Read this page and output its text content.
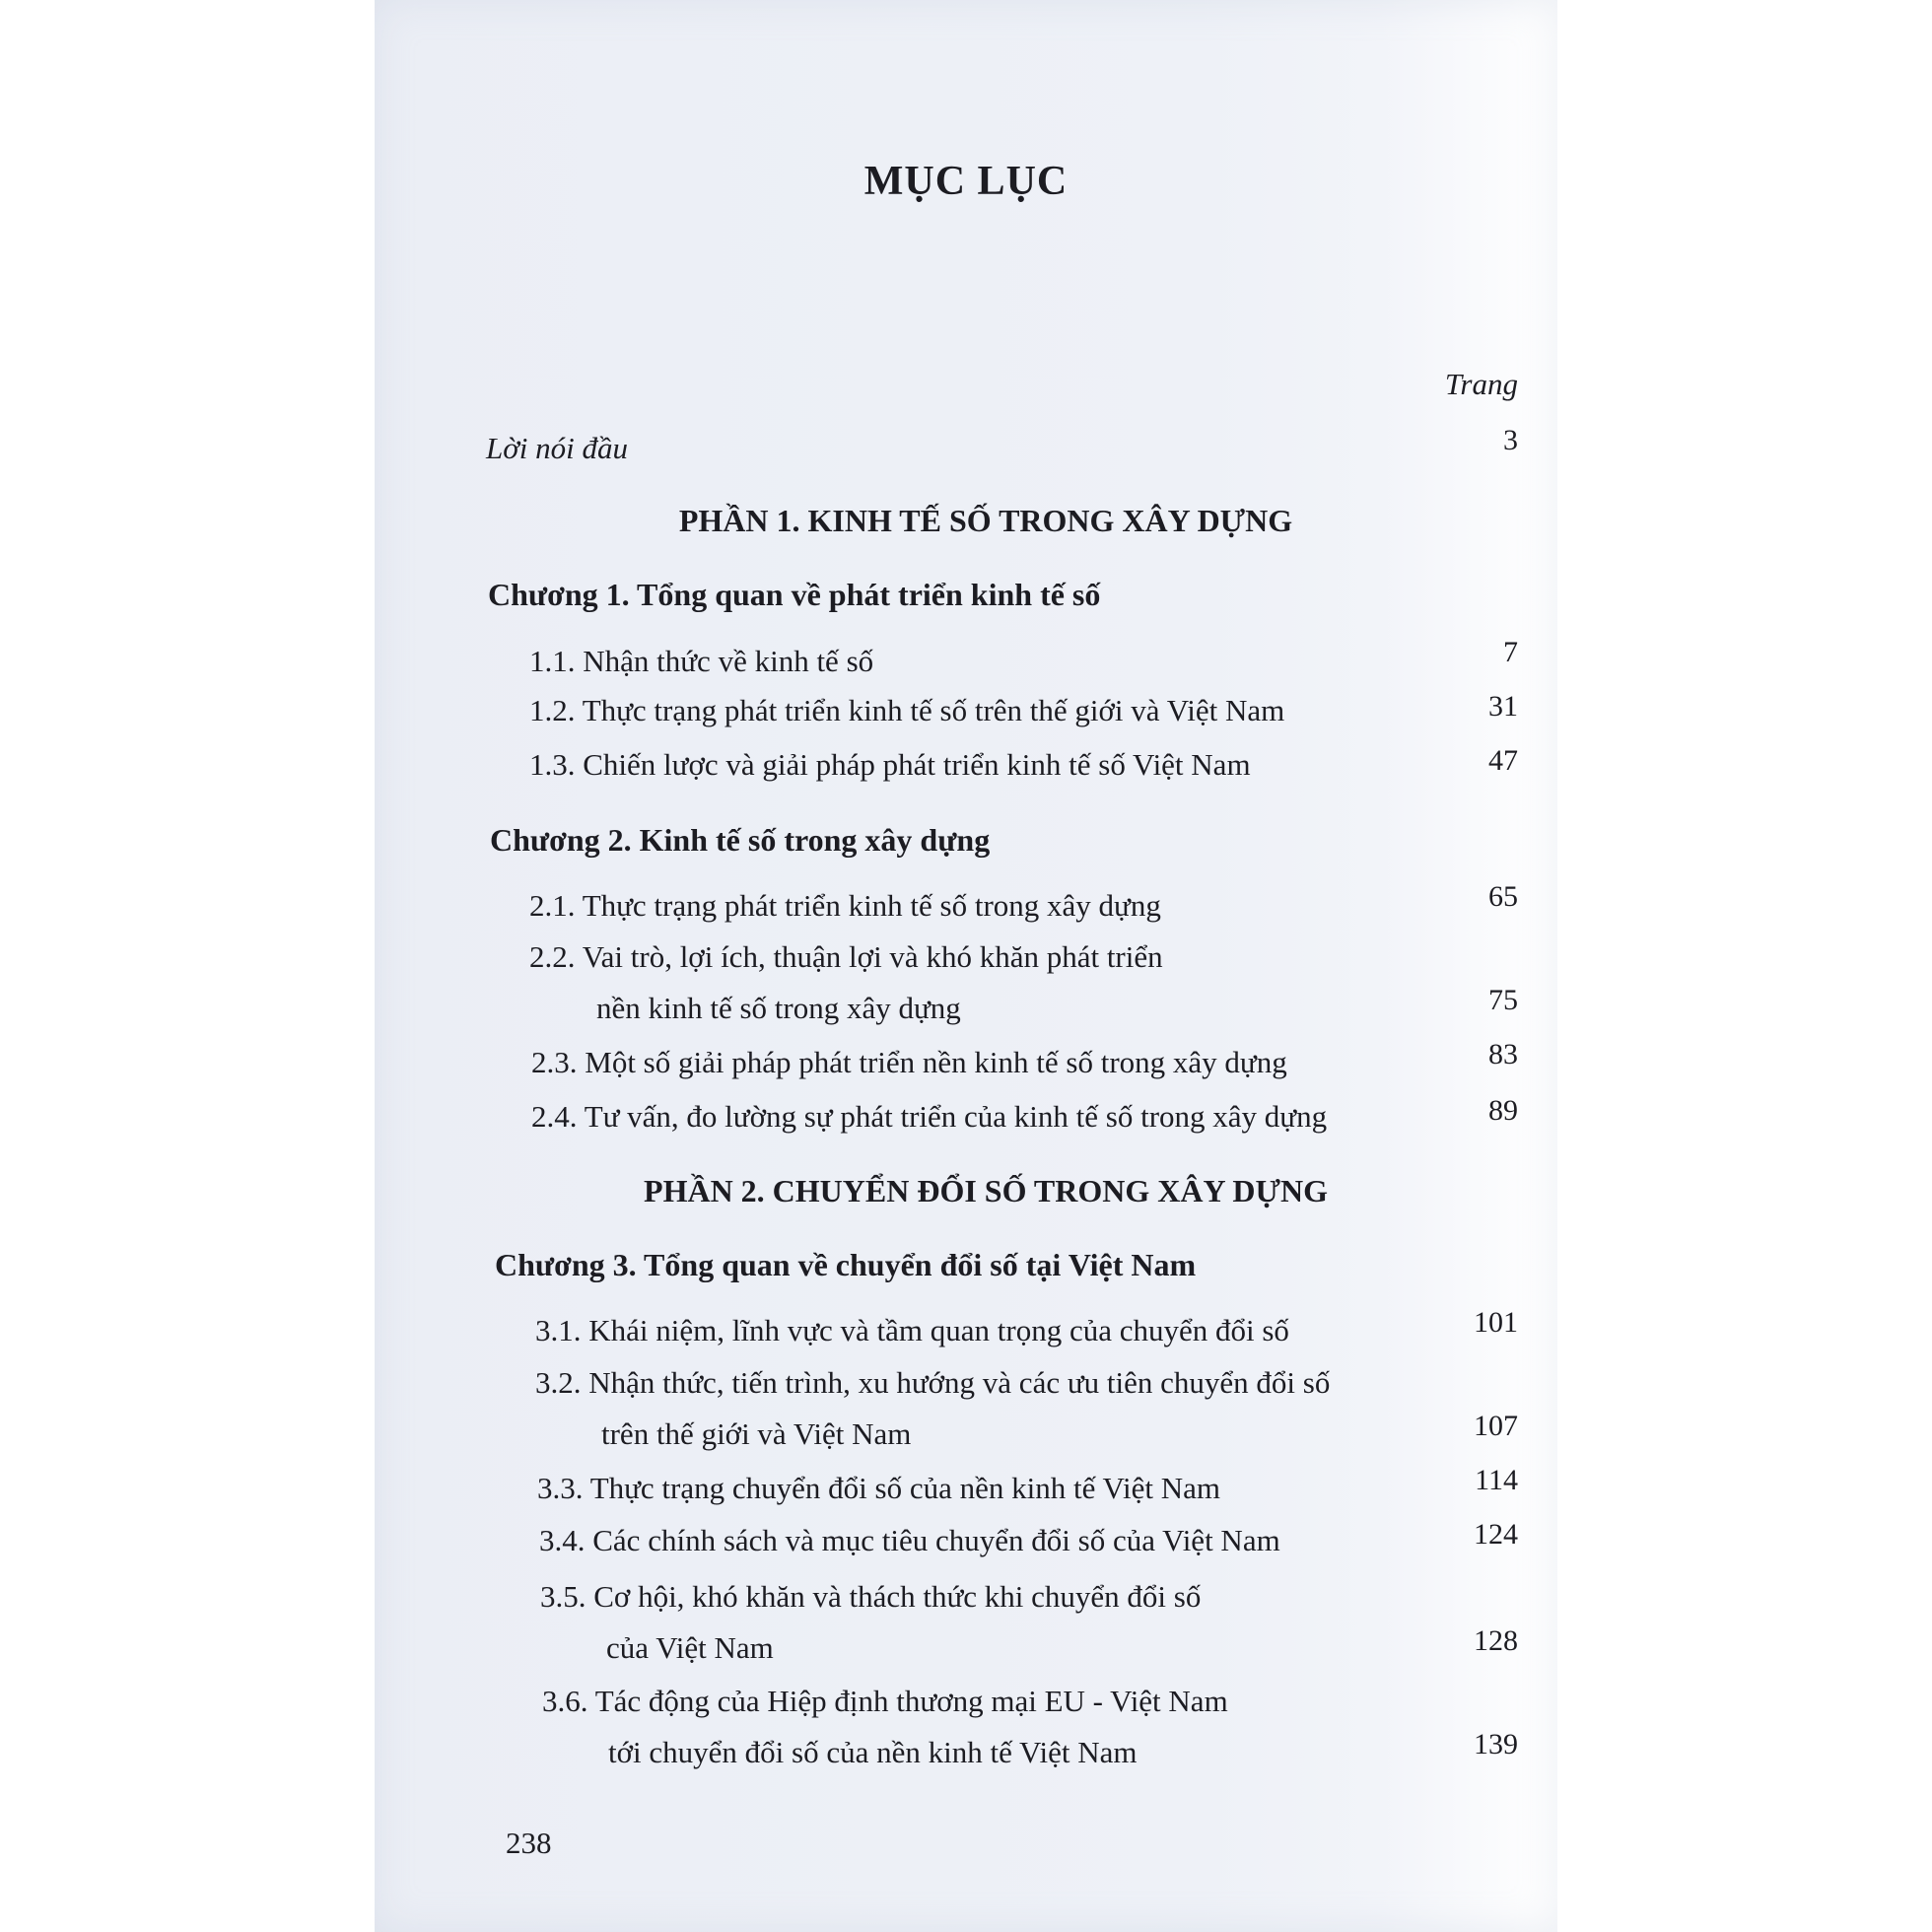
MỤC LỤC
Trang
Lời nói đầu	3
PHẦN 1. KINH TẾ SỐ TRONG XÂY DỰNG
Chương 1. Tổng quan về phát triển kinh tế số
1.1. Nhận thức về kinh tế số	7
1.2. Thực trạng phát triển kinh tế số trên thế giới và Việt Nam	31
1.3. Chiến lược và giải pháp phát triển kinh tế số Việt Nam	47
Chương 2. Kinh tế số trong xây dựng
2.1. Thực trạng phát triển kinh tế số trong xây dựng	65
2.2. Vai trò, lợi ích, thuận lợi và khó khăn phát triển
nền kinh tế số trong xây dựng	75
2.3. Một số giải pháp phát triển nền kinh tế số trong xây dựng	83
2.4. Tư vấn, đo lường sự phát triển của kinh tế số trong xây dựng	89
PHẦN 2. CHUYỂN ĐỔI SỐ TRONG XÂY DỰNG
Chương 3. Tổng quan về chuyển đổi số tại Việt Nam
3.1. Khái niệm, lĩnh vực và tầm quan trọng của chuyển đổi số	101
3.2. Nhận thức, tiến trình, xu hướng và các ưu tiên chuyển đổi số
trên thế giới và Việt Nam	107
3.3. Thực trạng chuyển đổi số của nền kinh tế Việt Nam	114
3.4. Các chính sách và mục tiêu chuyển đổi số của Việt Nam	124
3.5. Cơ hội, khó khăn và thách thức khi chuyển đổi số
của Việt Nam	128
3.6. Tác động của Hiệp định thương mại EU - Việt Nam
tới chuyển đổi số của nền kinh tế Việt Nam	139
238
